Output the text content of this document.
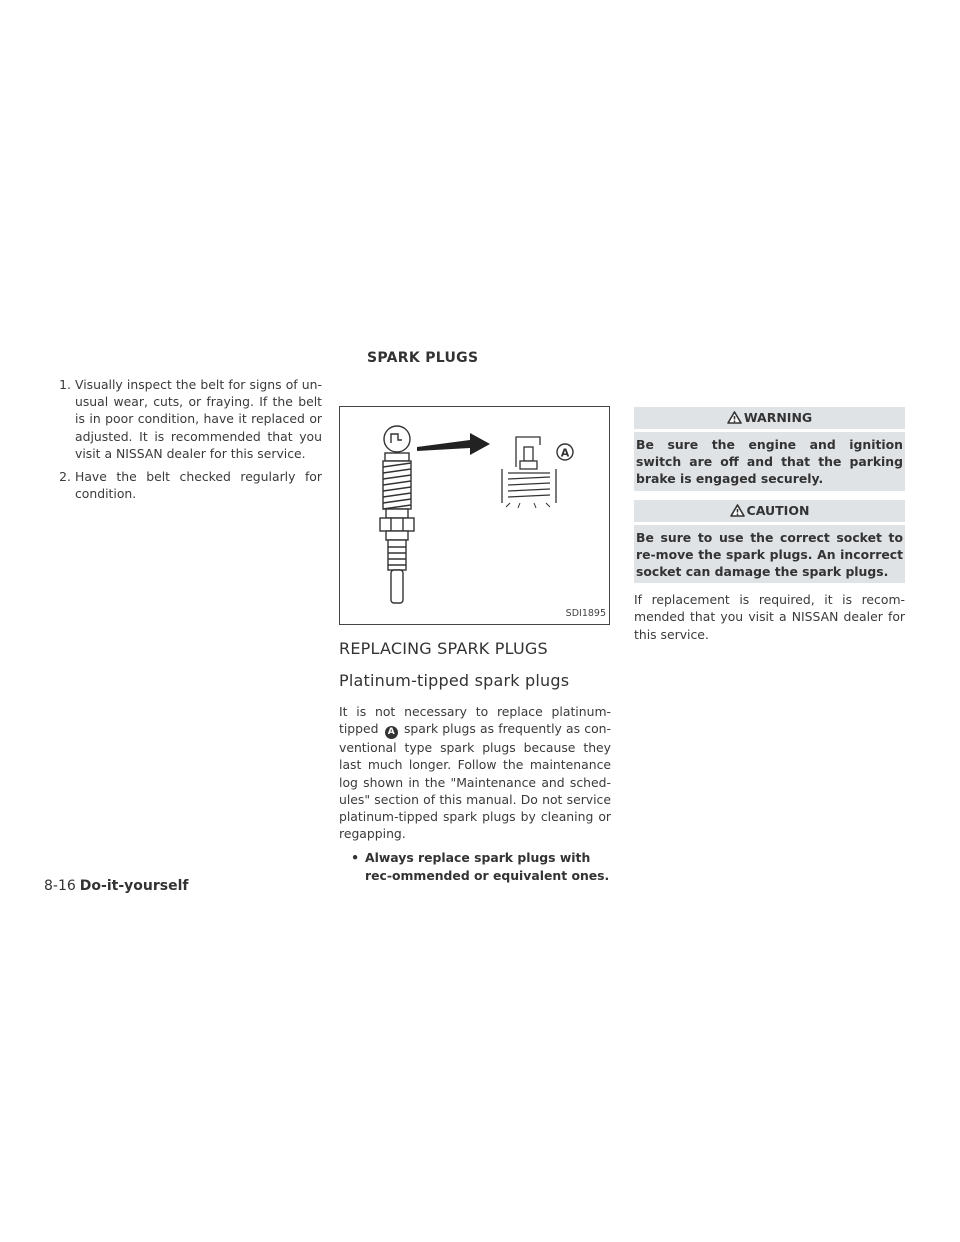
SPARK PLUGS
1. Visually inspect the belt for signs of un-usual wear, cuts, or fraying. If the belt is in poor condition, have it replaced or adjusted. It is recommended that you visit a NISSAN dealer for this service.
2. Have the belt checked regularly for condition.
A
SDI1895
REPLACING SPARK PLUGS
Platinum-tipped spark plugs
It is not necessary to replace platinum-tipped A spark plugs as frequently as con-ventional type spark plugs because they last much longer. Follow the maintenance log shown in the "Maintenance and sched-ules" section of this manual. Do not service platinum-tipped spark plugs by cleaning or regapping.
• Always replace spark plugs with rec-ommended or equivalent ones.
WARNING
Be sure the engine and ignition switch are off and that the parking brake is engaged securely.
CAUTION
Be sure to use the correct socket to re-move the spark plugs. An incorrect socket can damage the spark plugs.
If replacement is required, it is recom-mended that you visit a NISSAN dealer for this service.
8-16 Do-it-yourself
